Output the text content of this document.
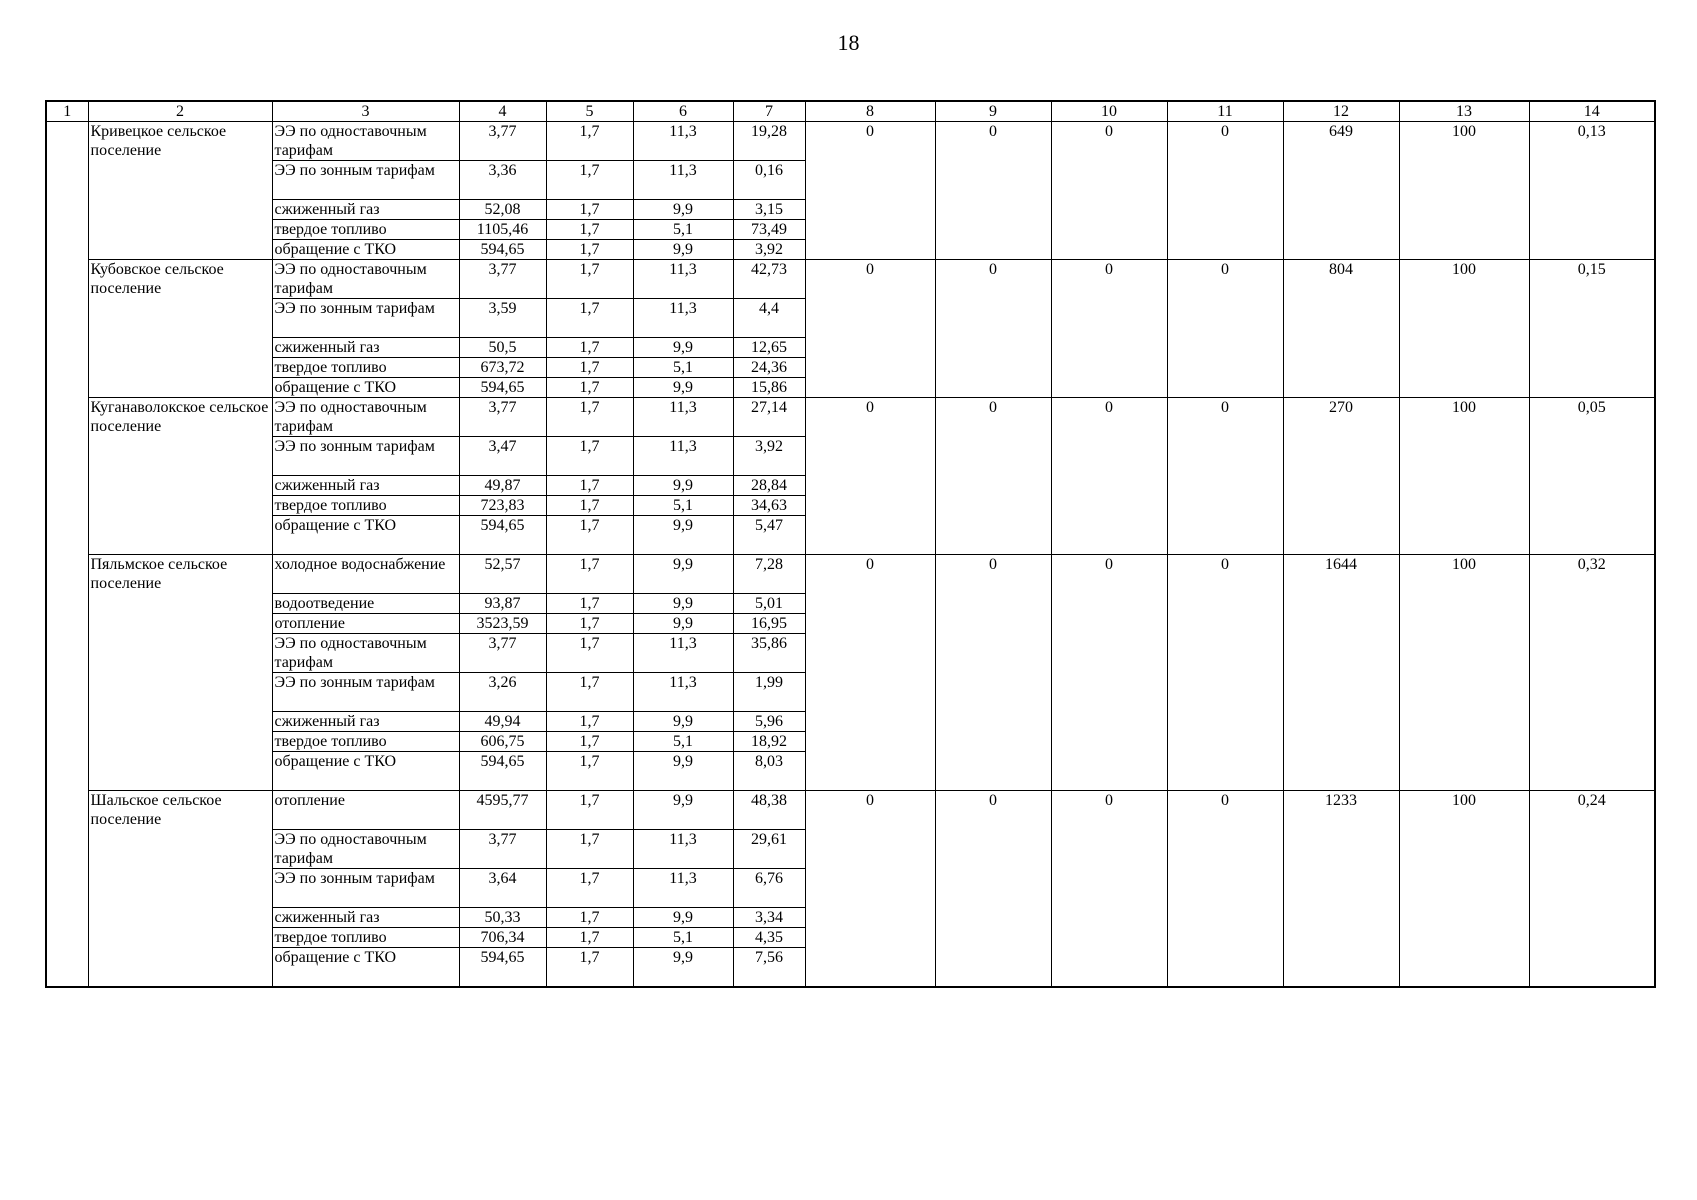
18
1	2	3	4	5	6	7	8	9	10	11	12	13	14
	Кривецкое сельское поселение	ЭЭ по одноставочным тарифам	3,77	1,7	11,3	19,28	0	0	0	0	649	100	0,13
		ЭЭ по зонным тарифам	3,36	1,7	11,3	0,16							
		сжиженный газ	52,08	1,7	9,9	3,15							
		твердое топливо	1105,46	1,7	5,1	73,49							
		обращение с ТКО	594,65	1,7	9,9	3,92							
	Кубовское сельское поселение	ЭЭ по одноставочным тарифам	3,77	1,7	11,3	42,73	0	0	0	0	804	100	0,15
		ЭЭ по зонным тарифам	3,59	1,7	11,3	4,4							
		сжиженный газ	50,5	1,7	9,9	12,65							
		твердое топливо	673,72	1,7	5,1	24,36							
		обращение с ТКО	594,65	1,7	9,9	15,86							
	Куганаволокское сельское поселение	ЭЭ по одноставочным тарифам	3,77	1,7	11,3	27,14	0	0	0	0	270	100	0,05
		ЭЭ по зонным тарифам	3,47	1,7	11,3	3,92							
		сжиженный газ	49,87	1,7	9,9	28,84							
		твердое топливо	723,83	1,7	5,1	34,63							
		обращение с ТКО	594,65	1,7	9,9	5,47							
	Пяльмское сельское поселение	холодное водоснабжение	52,57	1,7	9,9	7,28	0	0	0	0	1644	100	0,32
		водоотведение	93,87	1,7	9,9	5,01							
		отопление	3523,59	1,7	9,9	16,95							
		ЭЭ по одноставочным тарифам	3,77	1,7	11,3	35,86							
		ЭЭ по зонным тарифам	3,26	1,7	11,3	1,99							
		сжиженный газ	49,94	1,7	9,9	5,96							
		твердое топливо	606,75	1,7	5,1	18,92							
		обращение с ТКО	594,65	1,7	9,9	8,03							
	Шальское сельское поселение	отопление	4595,77	1,7	9,9	48,38	0	0	0	0	1233	100	0,24
		ЭЭ по одноставочным тарифам	3,77	1,7	11,3	29,61							
		ЭЭ по зонным тарифам	3,64	1,7	11,3	6,76							
		сжиженный газ	50,33	1,7	9,9	3,34							
		твердое топливо	706,34	1,7	5,1	4,35							
		обращение с ТКО	594,65	1,7	9,9	7,56							
